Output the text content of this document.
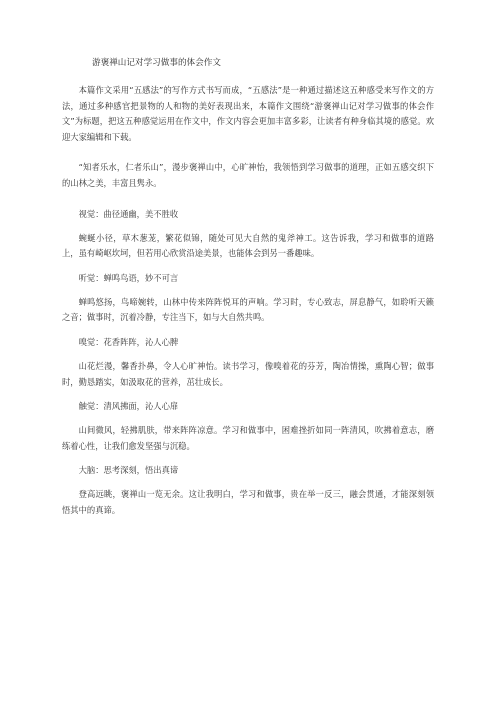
游褒禅山记对学习做事的体会作文

本篇作文采用“五感法”的写作方式书写而成，“五感法”是一种通过描述这五种感受来写作文的方法，通过多种感官把景物的人和物的美好表现出来，本篇作文围绕“游褒禅山记对学习做事的体会作文”为标题，把这五种感觉运用在作文中，作文内容会更加丰富多彩，让读者有种身临其境的感觉。欢迎大家编辑和下载。

“知者乐水，仁者乐山”，漫步褒禅山中，心旷神怡，我领悟到学习做事的道理，正如五感交织下的山林之美，丰富且隽永。

视觉：曲径通幽，美不胜收

蜿蜒小径，草木葱茏，繁花似锦，随处可见大自然的鬼斧神工。这告诉我，学习和做事的道路上，虽有崎岖坎坷，但若用心欣赏沿途美景，也能体会到另一番趣味。

听觉：蝉鸣鸟语，妙不可言

蝉鸣悠扬，鸟啼婉转，山林中传来阵阵悦耳的声响。学习时，专心致志，屏息静气，如聆听天籁之音；做事时，沉着冷静，专注当下，如与大自然共鸣。

嗅觉：花香阵阵，沁人心脾

山花烂漫，馨香扑鼻，令人心旷神怡。读书学习，像嗅着花的芬芳，陶冶情操，熏陶心智；做事时，勤恳踏实，如汲取花的营养，茁壮成长。

触觉：清风拂面，沁人心扉

山间微风，轻拂肌肤，带来阵阵凉意。学习和做事中，困难挫折如同一阵清风，吹拂着意志，磨练着心性，让我们愈发坚强与沉稳。

大脑：思考深刻，悟出真谛

登高远眺，褒禅山一览无余。这让我明白，学习和做事，贵在举一反三，融会贯通，才能深刻领悟其中的真谛。
